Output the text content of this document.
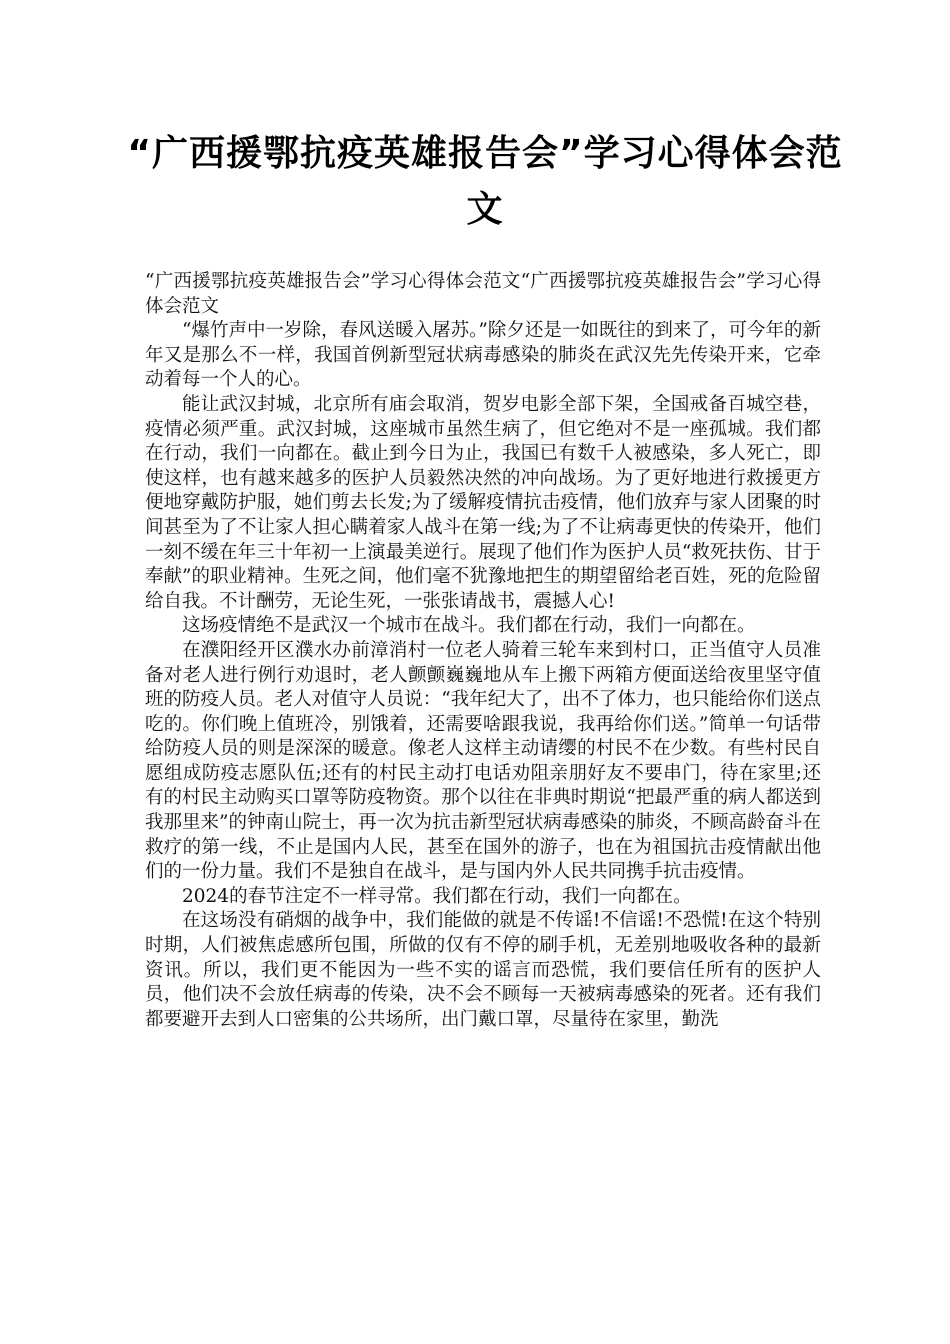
“广西援鄂抗疫英雄报告会”学习心得体会范文

“广西援鄂抗疫英雄报告会”学习心得体会范文“广西援鄂抗疫英雄报告会”学习心得体会范文

“爆竹声中一岁除，春风送暖入屠苏。”除夕还是一如既往的到来了，可今年的新年又是那么不一样，我国首例新型冠状病毒感染的肺炎在武汉先先传染开来，它牵动着每一个人的心。

能让武汉封城，北京所有庙会取消，贺岁电影全部下架，全国戒备百城空巷，疫情必须严重。武汉封城，这座城市虽然生病了，但它绝对不是一座孤城。我们都在行动，我们一向都在。截止到今日为止，我国已有数千人被感染，多人死亡，即使这样，也有越来越多的医护人员毅然决然的冲向战场。为了更好地进行救援更方便地穿戴防护服，她们剪去长发;为了缓解疫情抗击疫情，他们放弃与家人团聚的时间甚至为了不让家人担心瞒着家人战斗在第一线;为了不让病毒更快的传染开，他们一刻不缓在年三十年初一上演最美逆行。展现了他们作为医护人员“救死扶伤、甘于奉献”的职业精神。生死之间，他们毫不犹豫地把生的期望留给老百姓，死的危险留给自我。不计酬劳，无论生死，一张张请战书，震撼人心!

这场疫情绝不是武汉一个城市在战斗。我们都在行动，我们一向都在。

在濮阳经开区濮水办前漳消村一位老人骑着三轮车来到村口，正当值守人员准备对老人进行例行劝退时，老人颤颤巍巍地从车上搬下两箱方便面送给夜里坚守值班的防疫人员。老人对值守人员说：“我年纪大了，出不了体力，也只能给你们送点吃的。你们晚上值班冷，别饿着，还需要啥跟我说，我再给你们送。”简单一句话带给防疫人员的则是深深的暖意。像老人这样主动请缨的村民不在少数。有些村民自愿组成防疫志愿队伍;还有的村民主动打电话劝阻亲朋好友不要串门，待在家里;还有的村民主动购买口罩等防疫物资。那个以往在非典时期说“把最严重的病人都送到我那里来”的钟南山院士，再一次为抗击新型冠状病毒感染的肺炎，不顾高龄奋斗在救疗的第一线，不止是国内人民，甚至在国外的游子，也在为祖国抗击疫情献出他们的一份力量。我们不是独自在战斗，是与国内外人民共同携手抗击疫情。

2024的春节注定不一样寻常。我们都在行动，我们一向都在。

在这场没有硝烟的战争中，我们能做的就是不传谣!不信谣!不恐慌!在这个特别时期，人们被焦虑感所包围，所做的仅有不停的刷手机，无差别地吸收各种的最新资讯。所以，我们更不能因为一些不实的谣言而恐慌，我们要信任所有的医护人员，他们决不会放任病毒的传染，决不会不顾每一天被病毒感染的死者。还有我们都要避开去到人口密集的公共场所，出门戴口罩，尽量待在家里，勤洗
